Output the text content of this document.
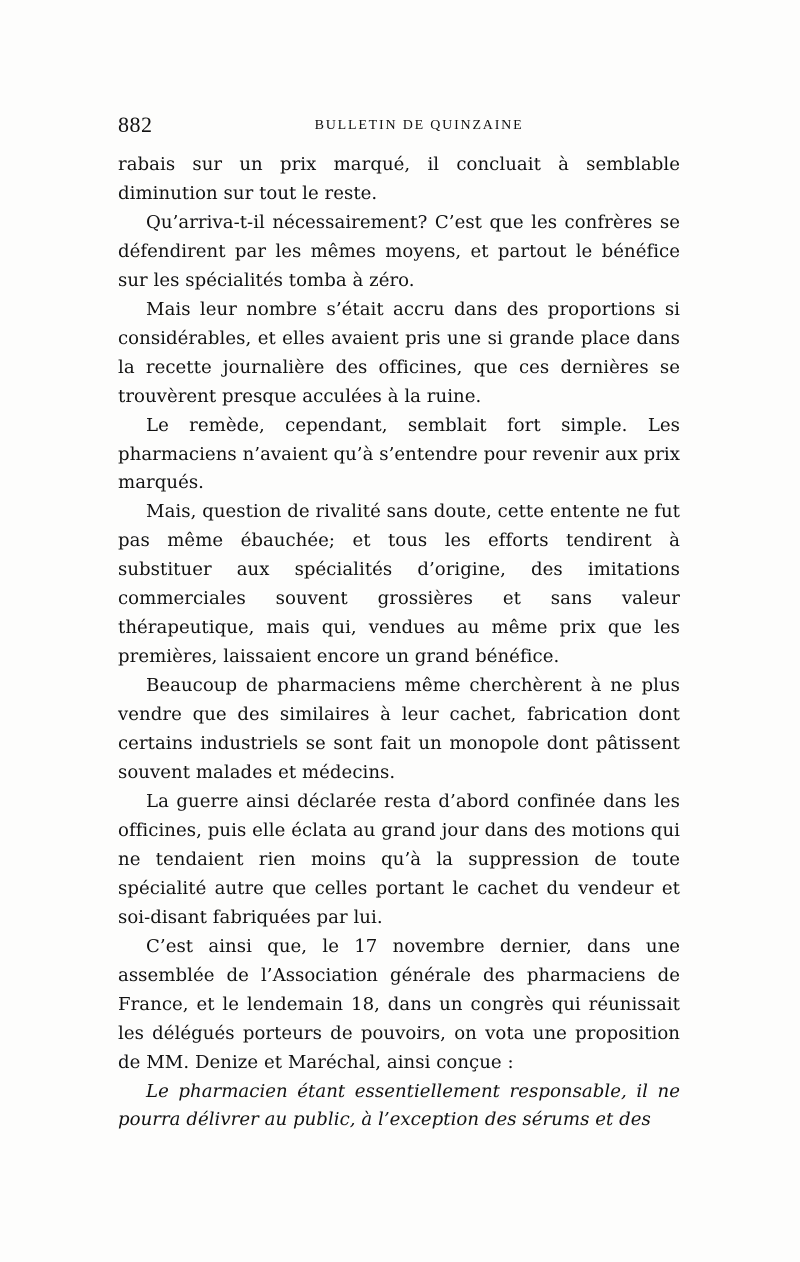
882	BULLETIN DE QUINZAINE

rabais sur un prix marqué, il concluait à semblable diminution sur tout le reste.

Qu’arriva-t-il nécessairement? C’est que les confrères se défendirent par les mêmes moyens, et partout le bénéfice sur les spécialités tomba à zéro.

Mais leur nombre s’était accru dans des proportions si considérables, et elles avaient pris une si grande place dans la recette journalière des officines, que ces dernières se trouvèrent presque acculées à la ruine.

Le remède, cependant, semblait fort simple. Les pharmaciens n’avaient qu’à s’entendre pour revenir aux prix marqués.

Mais, question de rivalité sans doute, cette entente ne fut pas même ébauchée; et tous les efforts tendirent à substituer aux spécialités d’origine, des imitations commerciales souvent grossières et sans valeur thérapeutique, mais qui, vendues au même prix que les premières, laissaient encore un grand bénéfice.

Beaucoup de pharmaciens même cherchèrent à ne plus vendre que des similaires à leur cachet, fabrication dont certains industriels se sont fait un monopole dont pâtissent souvent malades et médecins.

La guerre ainsi déclarée resta d’abord confinée dans les officines, puis elle éclata au grand jour dans des motions qui ne tendaient rien moins qu’à la suppression de toute spécialité autre que celles portant le cachet du vendeur et soi-disant fabriquées par lui.

C’est ainsi que, le 17 novembre dernier, dans une assemblée de l’Association générale des pharmaciens de France, et le lendemain 18, dans un congrès qui réunissait les délégués porteurs de pouvoirs, on vota une proposition de MM. Denize et Maréchal, ainsi conçue :

Le pharmacien étant essentiellement responsable, il ne pourra délivrer au public, à l’exception des sérums et des
